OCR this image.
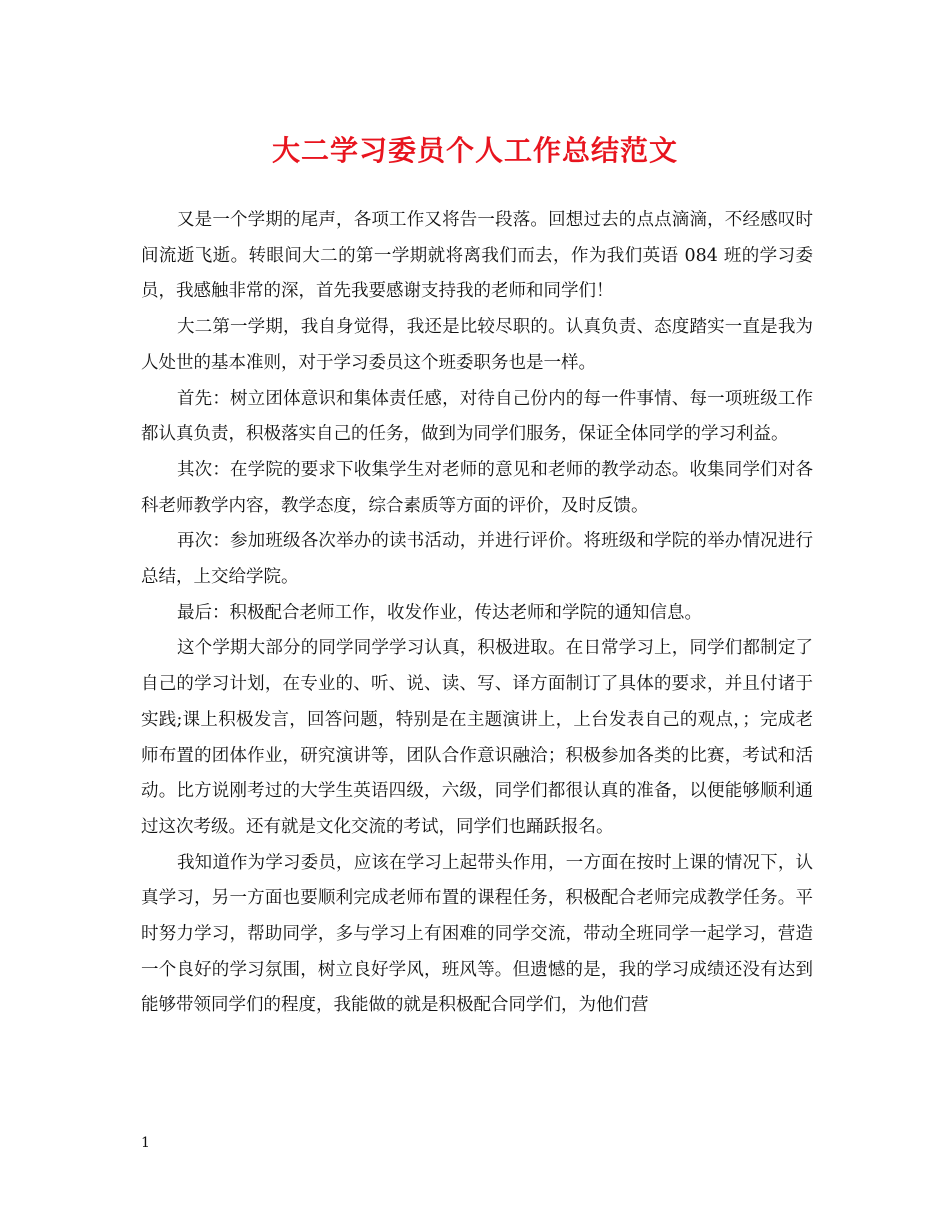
大二学习委员个人工作总结范文

又是一个学期的尾声，各项工作又将告一段落。回想过去的点点滴滴，不经感叹时间流逝飞逝。转眼间大二的第一学期就将离我们而去，作为我们英语 084 班的学习委员，我感触非常的深，首先我要感谢支持我的老师和同学们！

大二第一学期，我自身觉得，我还是比较尽职的。认真负责、态度踏实一直是我为人处世的基本准则，对于学习委员这个班委职务也是一样。

首先：树立团体意识和集体责任感，对待自己份内的每一件事情、每一项班级工作都认真负责，积极落实自己的任务，做到为同学们服务，保证全体同学的学习利益。

其次：在学院的要求下收集学生对老师的意见和老师的教学动态。收集同学们对各科老师教学内容，教学态度，综合素质等方面的评价，及时反馈。

再次：参加班级各次举办的读书活动，并进行评价。将班级和学院的举办情况进行总结，上交给学院。

最后：积极配合老师工作，收发作业，传达老师和学院的通知信息。

这个学期大部分的同学同学学习认真，积极进取。在日常学习上，同学们都制定了自己的学习计划，在专业的、听、说、读、写、译方面制订了具体的要求，并且付诸于实践;课上积极发言，回答问题，特别是在主题演讲上，上台发表自己的观点，；完成老师布置的团体作业，研究演讲等，团队合作意识融洽；积极参加各类的比赛，考试和活动。比方说刚考过的大学生英语四级，六级，同学们都很认真的准备，以便能够顺利通过这次考级。还有就是文化交流的考试，同学们也踊跃报名。

我知道作为学习委员，应该在学习上起带头作用，一方面在按时上课的情况下，认真学习，另一方面也要顺利完成老师布置的课程任务，积极配合老师完成教学任务。平时努力学习，帮助同学，多与学习上有困难的同学交流，带动全班同学一起学习，营造一个良好的学习氛围，树立良好学风，班风等。但遗憾的是，我的学习成绩还没有达到能够带领同学们的程度，我能做的就是积极配合同学们，为他们营

1
